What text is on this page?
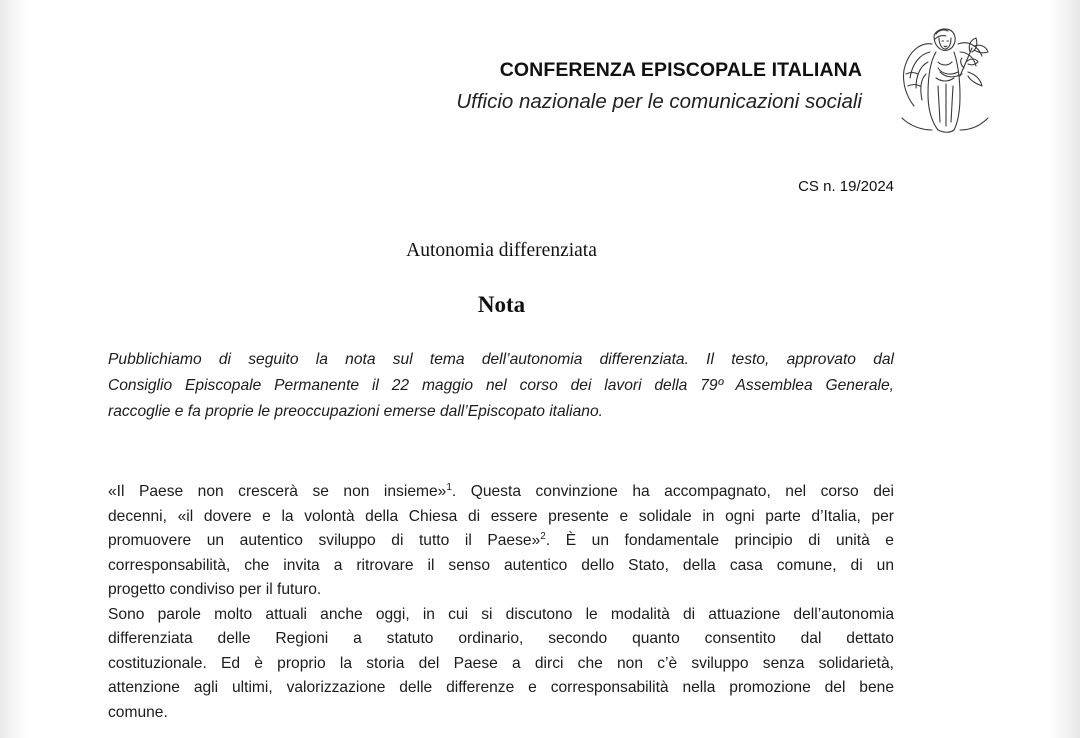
CONFERENZA EPISCOPALE ITALIANA
Ufficio nazionale per le comunicazioni sociali
CS n. 19/2024
Autonomia differenziata
Nota
Pubblichiamo di seguito la nota sul tema dell’autonomia differenziata. Il testo, approvato dal
Consiglio Episcopale Permanente il 22 maggio nel corso dei lavori della 79º Assemblea Generale,
raccoglie e fa proprie le preoccupazioni emerse dall’Episcopato italiano.
«Il Paese non crescerà se non insieme»$^1$. Questa convinzione ha accompagnato, nel corso dei
decenni, «il dovere e la volontà della Chiesa di essere presente e solidale in ogni parte d’Italia, per
promuovere un autentico sviluppo di tutto il Paese»$^2$. È un fondamentale principio di unità e
corresponsabilità, che invita a ritrovare il senso autentico dello Stato, della casa comune, di un
progetto condiviso per il futuro.
Sono parole molto attuali anche oggi, in cui si discutono le modalità di attuazione dell’autonomia
differenziata delle Regioni a statuto ordinario, secondo quanto consentito dal dettato
costituzionale. Ed è proprio la storia del Paese a dirci che non c’è sviluppo senza solidarietà,
attenzione agli ultimi, valorizzazione delle differenze e corresponsabilità nella promozione del bene
comune.
